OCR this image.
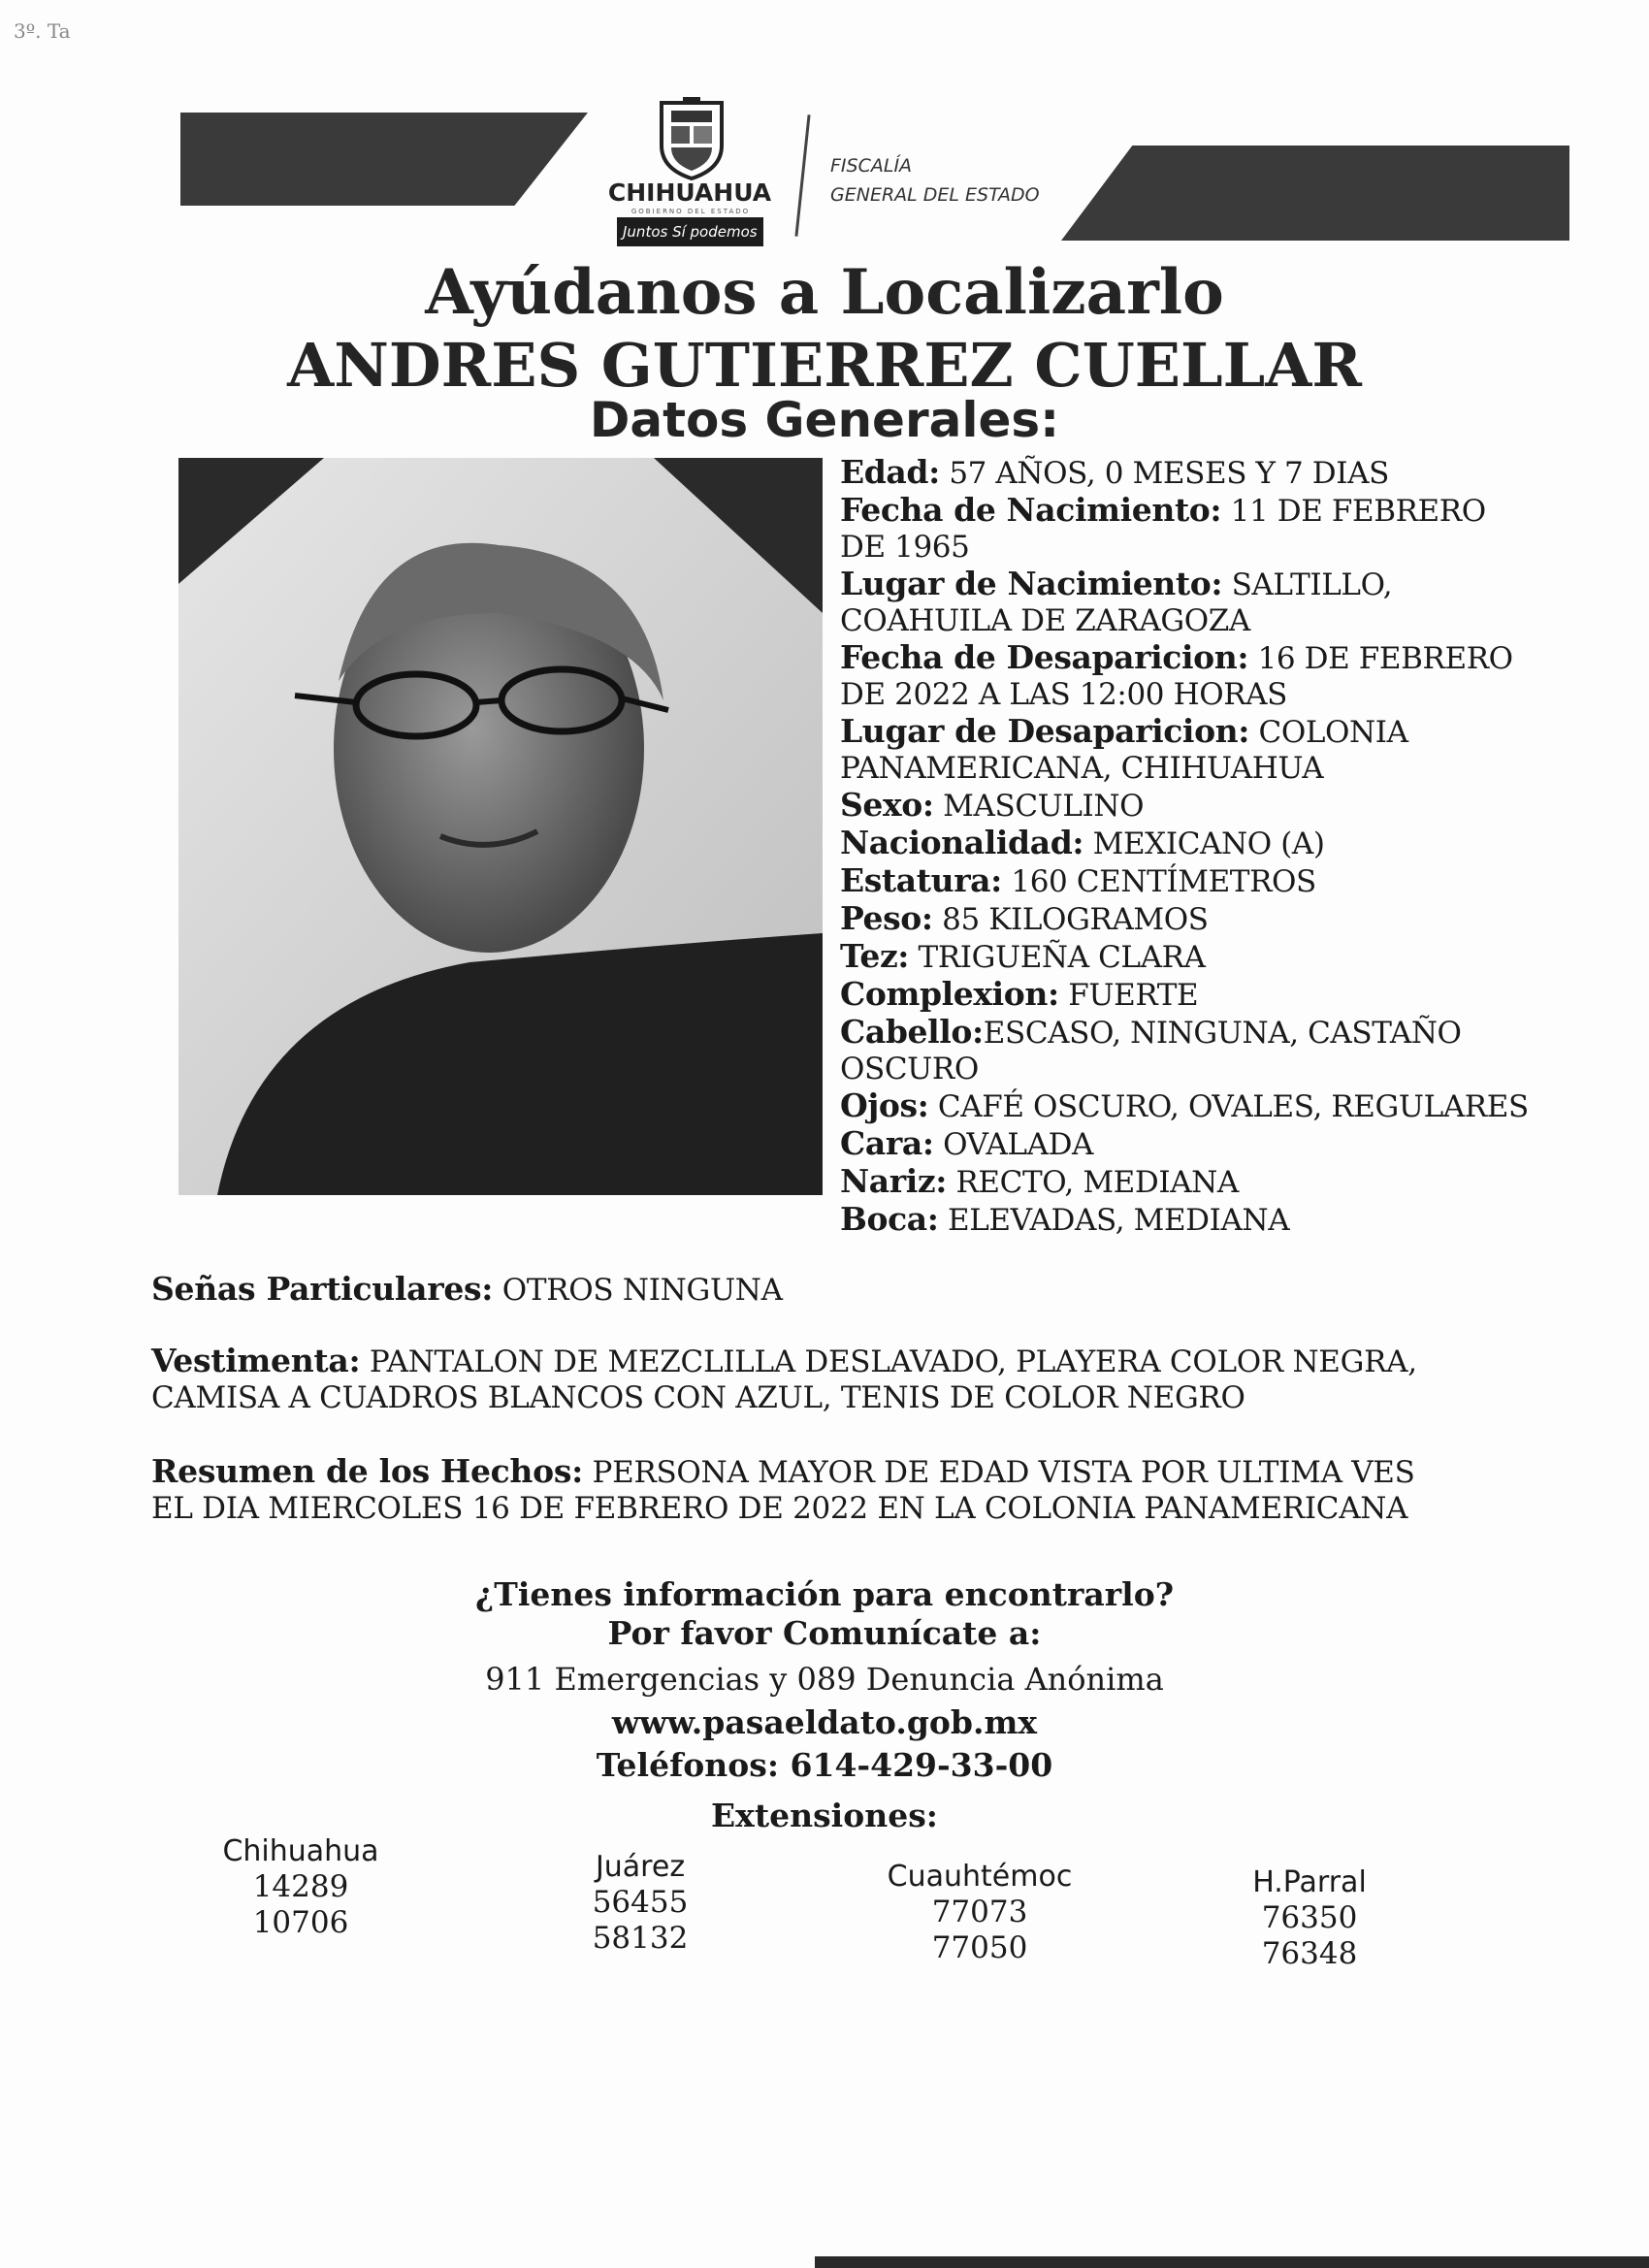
3º. Ta
CHIHUAHUA
GOBIERNO DEL ESTADO
Juntos Sí podemos
FISCALÍA
GENERAL DEL ESTADO
Ayúdanos a Localizarlo
ANDRES GUTIERREZ CUELLAR
Datos Generales:
Edad: 57 AÑOS, 0 MESES Y 7 DIAS
Fecha de Nacimiento: 11 DE FEBRERO DE 1965
Lugar de Nacimiento: SALTILLO, COAHUILA DE ZARAGOZA
Fecha de Desaparicion: 16 DE FEBRERO DE 2022 A LAS 12:00 HORAS
Lugar de Desaparicion: COLONIA PANAMERICANA, CHIHUAHUA
Sexo: MASCULINO
Nacionalidad: MEXICANO (A)
Estatura: 160 CENTÍMETROS
Peso: 85 KILOGRAMOS
Tez: TRIGUEÑA CLARA
Complexion: FUERTE
Cabello:ESCASO, NINGUNA, CASTAÑO OSCURO
Ojos: CAFÉ OSCURO, OVALES, REGULARES
Cara: OVALADA
Nariz: RECTO, MEDIANA
Boca: ELEVADAS, MEDIANA
Señas Particulares: OTROS NINGUNA
Vestimenta: PANTALON DE MEZCLILLA DESLAVADO, PLAYERA COLOR NEGRA, CAMISA A CUADROS BLANCOS CON AZUL, TENIS DE COLOR NEGRO
Resumen de los Hechos: PERSONA MAYOR DE EDAD VISTA POR ULTIMA VES EL DIA MIERCOLES 16 DE FEBRERO DE 2022 EN LA COLONIA PANAMERICANA
¿Tienes información para encontrarlo?
Por favor Comunícate a:
911 Emergencias y 089 Denuncia Anónima
www.pasaeldato.gob.mx
Teléfonos: 614-429-33-00
Extensiones:
Chihuahua
14289
10706
Juárez
56455
58132
Cuauhtémoc
77073
77050
H.Parral
76350
76348
